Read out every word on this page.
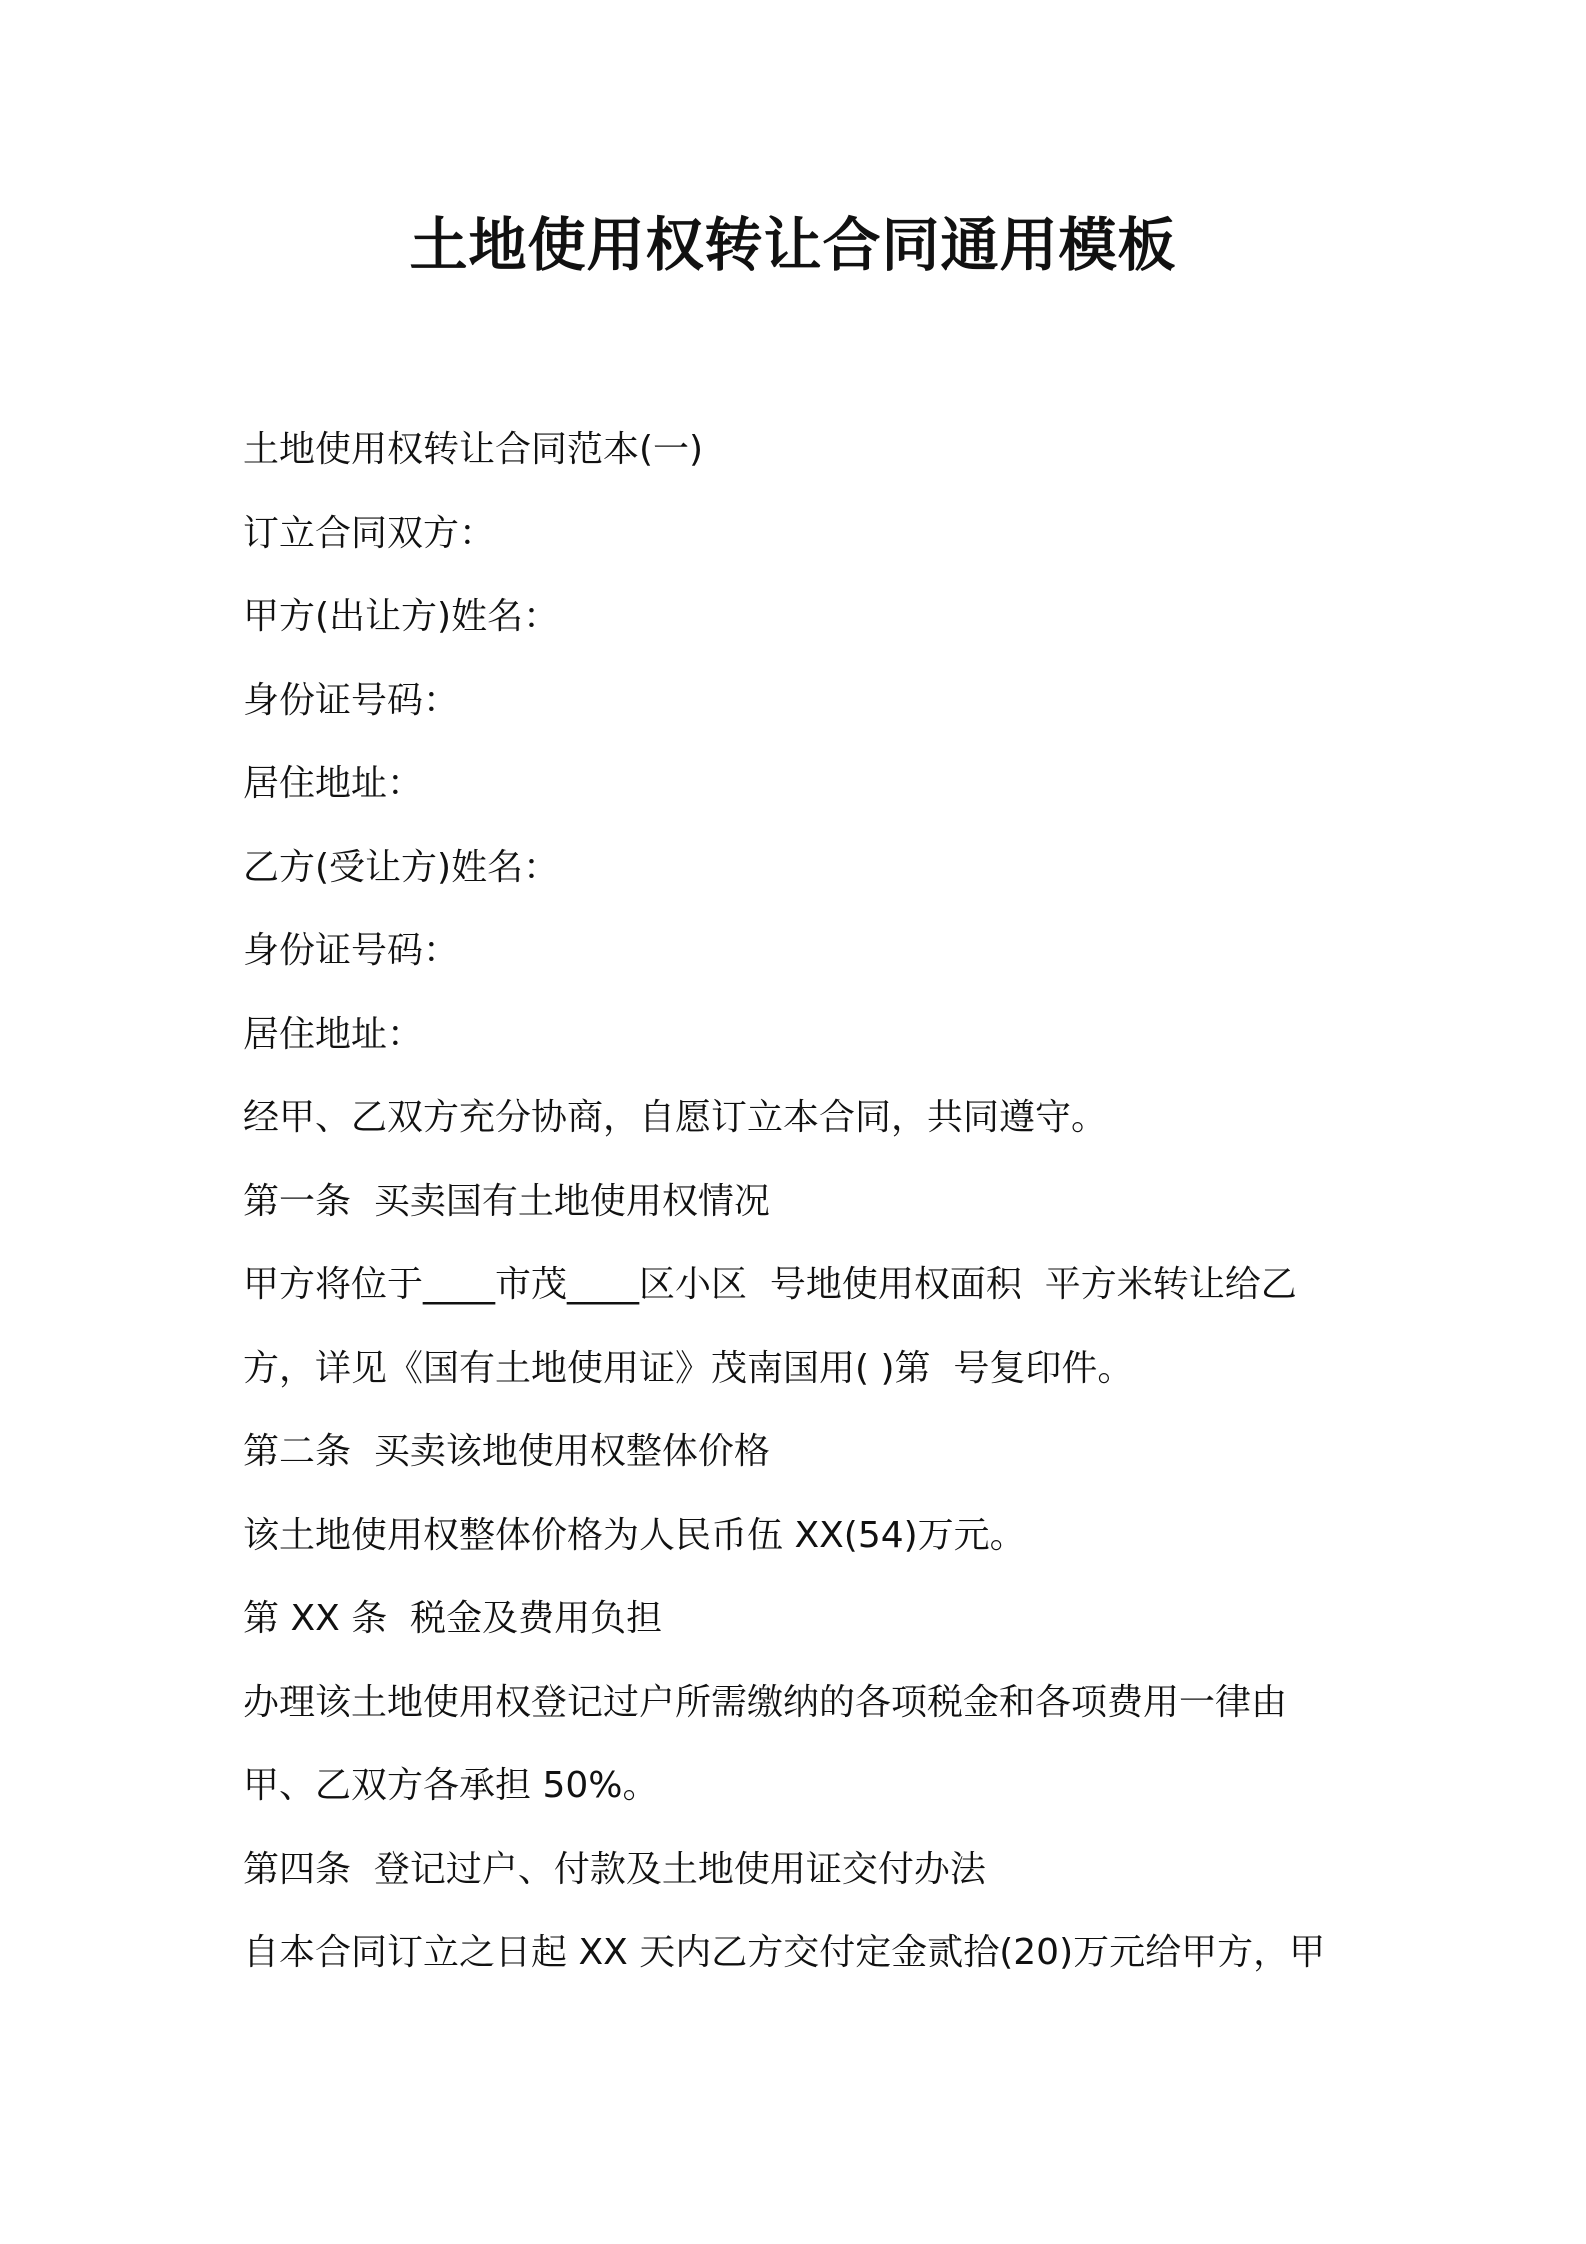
土地使用权转让合同通用模板

土地使用权转让合同范本(一)

订立合同双方：

甲方(出让方)姓名：

身份证号码：

居住地址：

乙方(受让方)姓名：

身份证号码：

居住地址：

经甲、乙双方充分协商，自愿订立本合同，共同遵守。

第一条  买卖国有土地使用权情况

甲方将位于____市茂____区小区  号地使用权面积  平方米转让给乙

方，详见《国有土地使用证》茂南国用( )第  号复印件。

第二条  买卖该地使用权整体价格

该土地使用权整体价格为人民币伍 XX(54)万元。

第 XX 条  税金及费用负担

办理该土地使用权登记过户所需缴纳的各项税金和各项费用一律由

甲、乙双方各承担 50%。

第四条  登记过户、付款及土地使用证交付办法

自本合同订立之日起 XX 天内乙方交付定金贰拾(20)万元给甲方，甲
